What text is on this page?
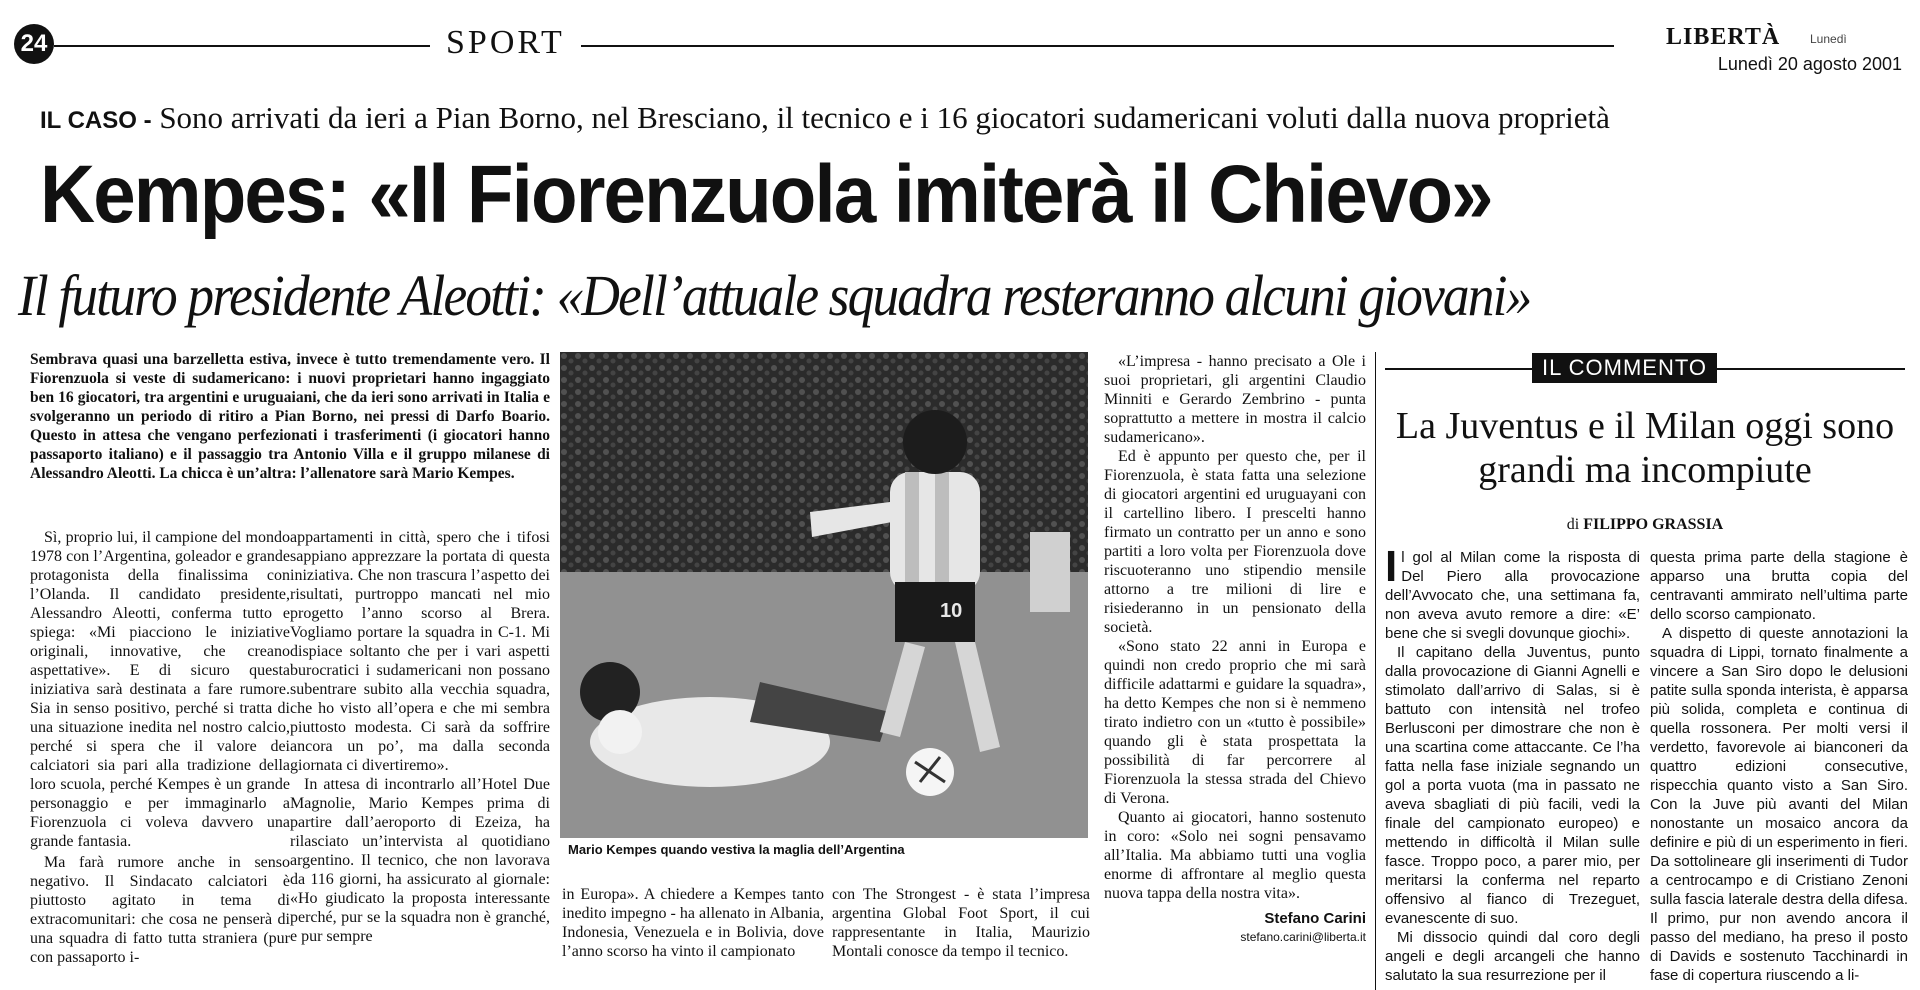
24	SPORT	LIBERTÀ Lunedì
Lunedì 20 agosto 2001
IL CASO - Sono arrivati da ieri a Pian Borno, nel Bresciano, il tecnico e i 16 giocatori sudamericani voluti dalla nuova proprietà
Kempes: «Il Fiorenzuola imiterà il Chievo»
Il futuro presidente Aleotti: «Dell’attuale squadra resteranno alcuni giovani»
Sembrava quasi una barzelletta estiva, invece è tutto tremendamente vero. Il Fiorenzuola si veste di sudamericano: i nuovi proprietari hanno ingaggiato ben 16 giocatori, tra argentini e uruguaiani, che da ieri sono arrivati in Italia e svolgeranno un periodo di ritiro a Pian Borno, nei pressi di Darfo Boario. Questo in attesa che vengano perfezionati i trasferimenti (i giocatori hanno passaporto italiano) e il passaggio tra Antonio Villa e il gruppo milanese di Alessandro Aleotti. La chicca è un’altra: l’allenatore sarà Mario Kempes.

Sì, proprio lui, il campione del mondo 1978 con l’Argentina, goleador e grande protagonista della finalissima con l’Olanda. Il candidato presidente, Alessandro Aleotti, conferma tutto e spiega: «Mi piacciono le iniziative originali, innovative, che creano aspettative». E di sicuro questa iniziativa sarà destinata a fare rumore. Sia in senso positivo, perché si tratta di una situazione inedita nel nostro calcio, perché si spera che il valore dei calciatori sia pari alla tradizione della loro scuola, perché Kempes è un grande personaggio e per immaginarlo a Fiorenzuola ci voleva davvero una grande fantasia.

Ma farà rumore anche in senso negativo. Il Sindacato calciatori è piuttosto agitato in tema di extracomunitari: che cosa ne penserà di una squadra di fatto tutta straniera (pur con passaporto i-

appartamenti in città, spero che i tifosi sappiano apprezzare la portata di questa iniziativa. Che non trascura l’aspetto dei risultati, purtroppo mancati nel mio progetto l’anno scorso al Brera. Vogliamo portare la squadra in C-1. Mi dispiace soltanto che per i vari aspetti burocratici i sudamericani non possano subentrare subito alla vecchia squadra, che ho visto all’opera e che mi sembra piuttosto modesta. Ci sarà da soffrire ancora un po’, ma dalla seconda giornata ci divertiremo».

In attesa di incontrarlo all’Hotel Due Magnolie, Mario Kempes prima di partire dall’aeroporto di Ezeiza, ha rilasciato un’intervista al quotidiano argentino. Il tecnico, che non lavorava da 116 giorni, ha assicurato al giornale: «Ho giudicato la proposta interessante perché, pur se la squadra non è granché, e pur sempre

10
Mario Kempes quando vestiva la maglia dell’Argentina
in Europa». A chiedere a Kempes tanto inedito impegno - ha allenato in Albania, Indonesia, Venezuela e in Bolivia, dove l’anno scorso ha vinto il campionato
con The Strongest - è stata l’impresa argentina Global Foot Sport, il cui rappresentante in Italia, Maurizio Montali conosce da tempo il tecnico.

«L’impresa - hanno precisato a Ole i suoi proprietari, gli argentini Claudio Minniti e Gerardo Zembrino - punta soprattutto a mettere in mostra il calcio sudamericano».

Ed è appunto per questo che, per il Fiorenzuola, è stata fatta una selezione di giocatori argentini ed uruguayani con il cartellino libero. I prescelti hanno firmato un contratto per un anno e sono partiti a loro volta per Fiorenzuola dove riscuoteranno uno stipendio mensile attorno a tre milioni di lire e risiederanno in un pensionato della società.

«Sono stato 22 anni in Europa e quindi non credo proprio che mi sarà difficile adattarmi e guidare la squadra», ha detto Kempes che non si è nemmeno tirato indietro con un «tutto è possibile» quando gli è stata prospettata la possibilità di far percorrere al Fiorenzuola la stessa strada del Chievo di Verona.

Quanto ai giocatori, hanno sostenuto in coro: «Solo nei sogni pensavamo all’Italia. Ma abbiamo tutti una voglia enorme di affrontare al meglio questa nuova tappa della nostra vita».

Stefano Carini
stefano.carini@liberta.it
IL COMMENTO
La Juventus e il Milan oggi sono grandi ma incompiute
di FILIPPO GRASSIA

Il gol al Milan come la risposta di Del Piero alla provocazione dell’Avvocato che, una settimana fa, non aveva avuto remore a dire: «E’ bene che si svegli dovunque giochi».

Il capitano della Juventus, punto dalla provocazione di Gianni Agnelli e stimolato dall’arrivo di Salas, si è battuto con intensità nel trofeo Berlusconi per dimostrare che non è una scartina come attaccante. Ce l’ha fatta nella fase iniziale segnando un gol a porta vuota (ma in passato ne aveva sbagliati di più facili, vedi la finale del campionato europeo) e mettendo in difficoltà il Milan sulle fasce. Troppo poco, a parer mio, per meritarsi la conferma nel reparto offensivo al fianco di Trezeguet, evanescente di suo.

Mi dissocio quindi dal coro degli angeli e degli arcangeli che hanno salutato la sua resurrezione per il

questa prima parte della stagione è apparso una brutta copia del centravanti ammirato nell’ultima parte dello scorso campionato.

A dispetto di queste annotazioni la squadra di Lippi, tornato finalmente a vincere a San Siro dopo le delusioni patite sulla sponda interista, è apparsa più solida, completa e continua di quella rossonera. Per molti versi il verdetto, favorevole ai bianconeri da quattro edizioni consecutive, rispecchia quanto visto a San Siro. Con la Juve più avanti del Milan nonostante un mosaico ancora da definire e più di un esperimento in fieri. Da sottolineare gli inserimenti di Tudor a centrocampo e di Cristiano Zenoni sulla fascia laterale destra della difesa. Il primo, pur non avendo ancora il passo del mediano, ha preso il posto di Davids e sostenuto Tacchinardi in fase di copertura riuscendo a li-
